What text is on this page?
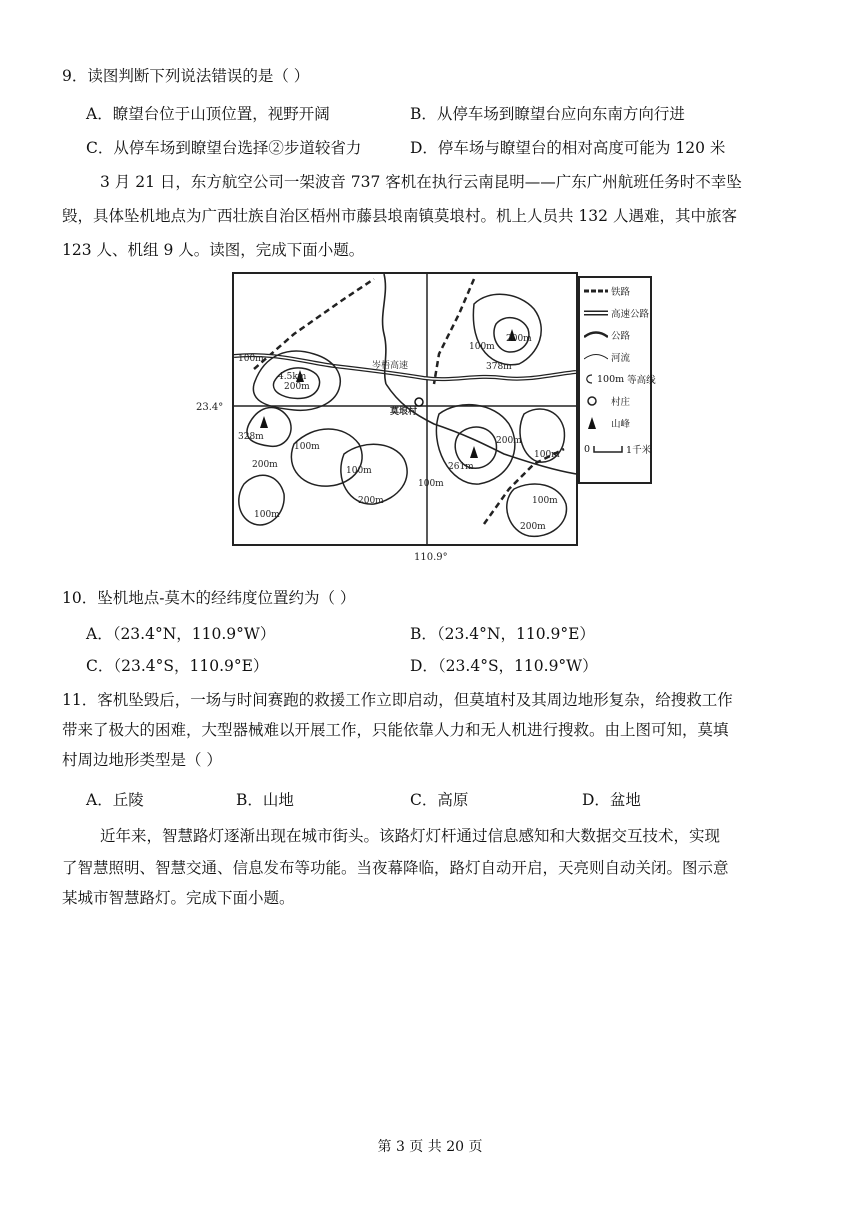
9．读图判断下列说法错误的是（ ）
A．瞭望台位于山顶位置，视野开阔	B．从停车场到瞭望台应向东南方向行进
C．从停车场到瞭望台选择②步道较省力	D．停车场与瞭望台的相对高度可能为 120 米
3 月 21 日，东方航空公司一架波音 737 客机在执行云南昆明——广东广州航班任务时不幸坠
毁，具体坠机地点为广西壮族自治区梧州市藤县埌南镇莫埌村。机上人员共 132 人遇难，其中旅客
123 人、机组 9 人。读图，完成下面小题。
23.4°
110.9°
岑梧高速
莫埌村
4.5km
328m
378m
261m
100m
200m
100m
200m
100m
200m
100m
100m
200m
100m
200m
100m
200m
100m
铁路
高速公路
公路
河流
100m 等高线
村庄
山峰
0	1千米
10．坠机地点-莫木的经纬度位置约为（ ）
A．（23.4°N，110.9°W）	B．（23.4°N，110.9°E）
C．（23.4°S，110.9°E）	D．（23.4°S，110.9°W）
11．客机坠毁后，一场与时间赛跑的救援工作立即启动，但莫埴村及其周边地形复杂，给搜救工作
带来了极大的困难，大型器械难以开展工作，只能依靠人力和无人机进行搜救。由上图可知，莫填
村周边地形类型是（ ）
A．丘陵	B．山地	C．高原	D．盆地
近年来，智慧路灯逐渐出现在城市街头。该路灯灯杆通过信息感知和大数据交互技术，实现
了智慧照明、智慧交通、信息发布等功能。当夜幕降临，路灯自动开启，天亮则自动关闭。图示意
某城市智慧路灯。完成下面小题。
第 3 页 共 20 页
